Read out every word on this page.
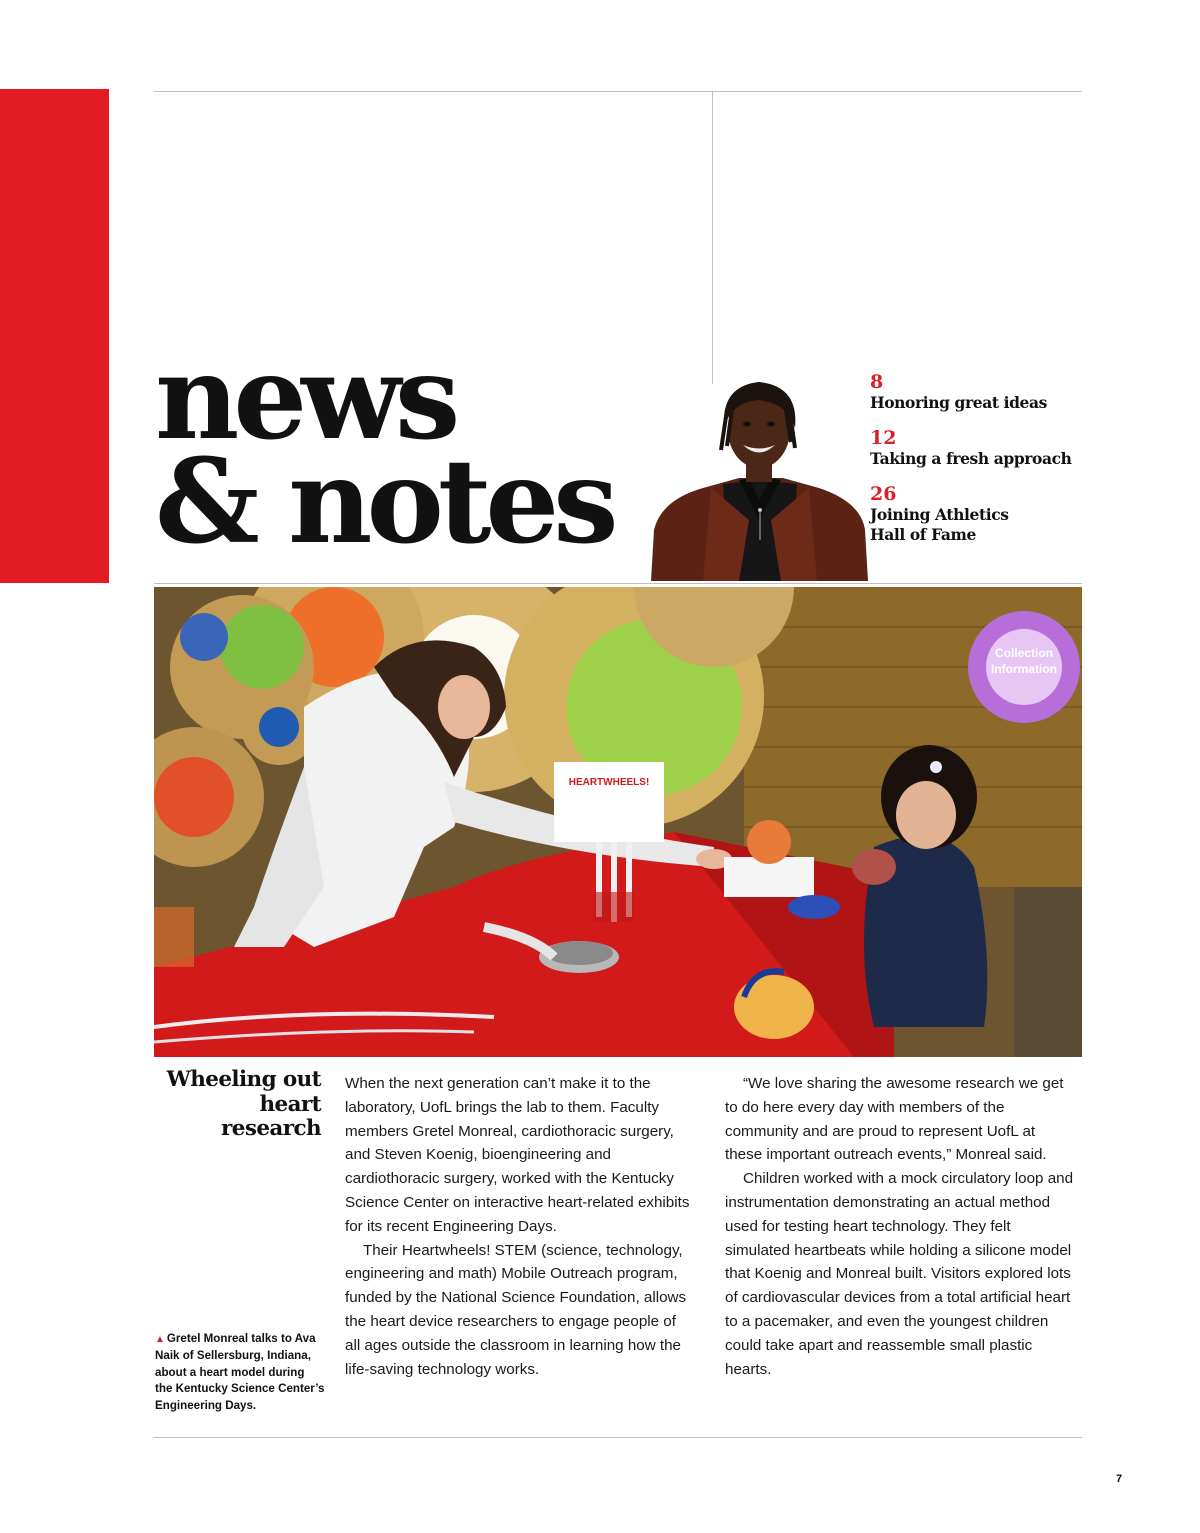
news
& notes
8
Honoring great ideas
12
Taking a fresh approach
26
Joining Athletics Hall of Fame
Collection
Information
HEARTWHEELS!
Wheeling out heart research

▲ Gretel Monreal talks to Ava Naik of Sellersburg, Indiana, about a heart model during the Kentucky Science Center’s Engineering Days.

When the next generation can’t make it to the laboratory, UofL brings the lab to them. Faculty members Gretel Monreal, cardiothoracic surgery, and Steven Koenig, bioengineering and cardiothoracic surgery, worked with the Kentucky Science Center on interactive heart-related exhibits for its recent Engineering Days.

Their Heartwheels! STEM (science, technology, engineering and math) Mobile Outreach program, funded by the National Science Foundation, allows the heart device researchers to engage people of all ages outside the classroom in learning how the life-saving technology works.

“We love sharing the awesome research we get to do here every day with members of the community and are proud to represent UofL at these important outreach events,” Monreal said.

Children worked with a mock circulatory loop and instrumentation demonstrating an actual method used for testing heart technology. They felt simulated heartbeats while holding a silicone model that Koenig and Monreal built. Visitors explored lots of cardiovascular devices from a total artificial heart to a pacemaker, and even the youngest children could take apart and reassemble small plastic hearts.

7
